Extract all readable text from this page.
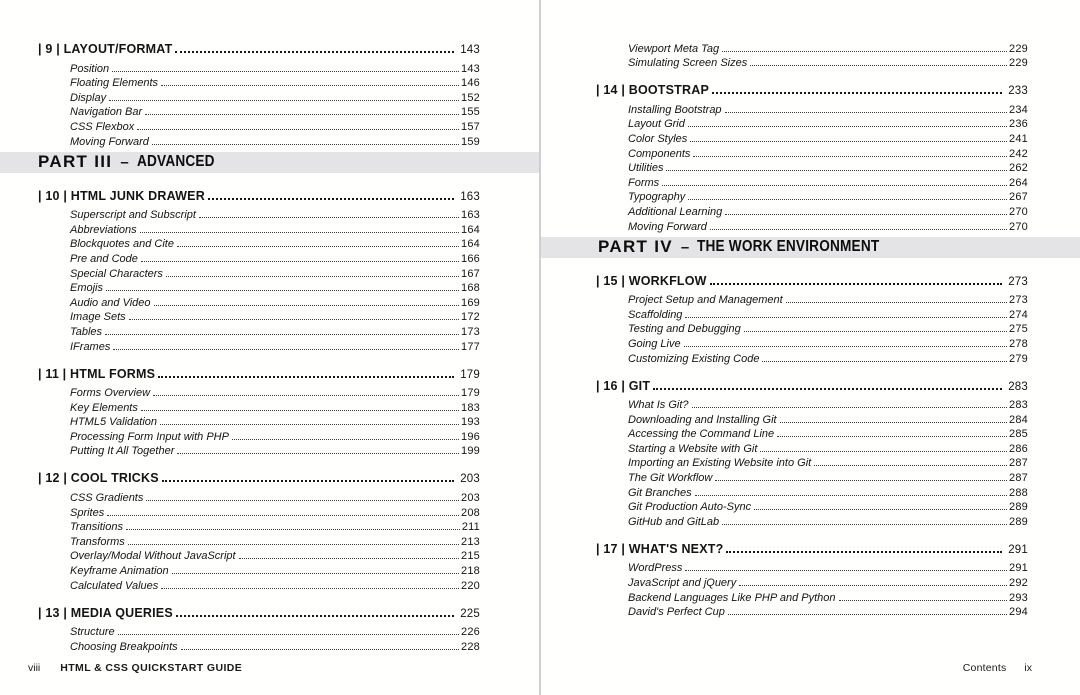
| 9 | LAYOUT/FORMAT	143
Position	143
Floating Elements	146
Display	152
Navigation Bar	155
CSS Flexbox	157
Moving Forward	159
PART III – ADVANCED
| 10 | HTML JUNK DRAWER	163
Superscript and Subscript	163
Abbreviations	164
Blockquotes and Cite	164
Pre and Code	166
Special Characters	167
Emojis	168
Audio and Video	169
Image Sets	172
Tables	173
IFrames	177
| 11 | HTML FORMS	179
Forms Overview	179
Key Elements	183
HTML5 Validation	193
Processing Form Input with PHP	196
Putting It All Together	199
| 12 | COOL TRICKS	203
CSS Gradients	203
Sprites	208
Transitions	211
Transforms	213
Overlay/Modal Without JavaScript	215
Keyframe Animation	218
Calculated Values	220
| 13 | MEDIA QUERIES	225
Structure	226
Choosing Breakpoints	228
viii HTML & CSS QUICKSTART GUIDE
Viewport Meta Tag	229
Simulating Screen Sizes	229
| 14 | BOOTSTRAP	233
Installing Bootstrap	234
Layout Grid	236
Color Styles	241
Components	242
Utilities	262
Forms	264
Typography	267
Additional Learning	270
Moving Forward	270
PART IV – THE WORK ENVIRONMENT
| 15 | WORKFLOW	273
Project Setup and Management	273
Scaffolding	274
Testing and Debugging	275
Going Live	278
Customizing Existing Code	279
| 16 | GIT	283
What Is Git?	283
Downloading and Installing Git	284
Accessing the Command Line	285
Starting a Website with Git	286
Importing an Existing Website into Git	287
The Git Workflow	287
Git Branches	288
Git Production Auto-Sync	289
GitHub and GitLab	289
| 17 | WHAT'S NEXT?	291
WordPress	291
JavaScript and jQuery	292
Backend Languages Like PHP and Python	293
David's Perfect Cup	294
Contents ix
